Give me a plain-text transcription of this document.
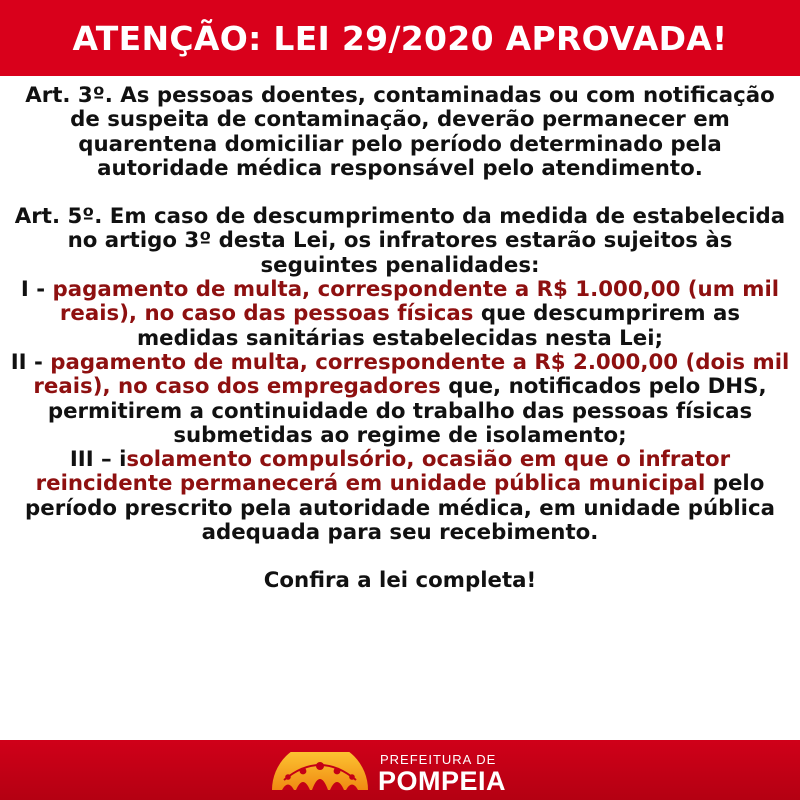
ATENÇÃO: LEI 29/2020 APROVADA!

Art. 3º. As pessoas doentes, contaminadas ou com notificação de suspeita de contaminação, deverão permanecer em quarentena domiciliar pelo período determinado pela autoridade médica responsável pelo atendimento.

Art. 5º. Em caso de descumprimento da medida de estabelecida no artigo 3º desta Lei, os infratores estarão sujeitos às seguintes penalidades:

I - pagamento de multa, correspondente a R$ 1.000,00 (um mil reais), no caso das pessoas físicas que descumprirem as medidas sanitárias estabelecidas nesta Lei;

II - pagamento de multa, correspondente a R$ 2.000,00 (dois mil reais), no caso dos empregadores que, notificados pelo DHS, permitirem a continuidade do trabalho das pessoas físicas submetidas ao regime de isolamento;

III – isolamento compulsório, ocasião em que o infrator reincidente permanecerá em unidade pública municipal pelo período prescrito pela autoridade médica, em unidade pública adequada para seu recebimento.

Confira a lei completa!

PREFEITURA DE
POMPEIA
